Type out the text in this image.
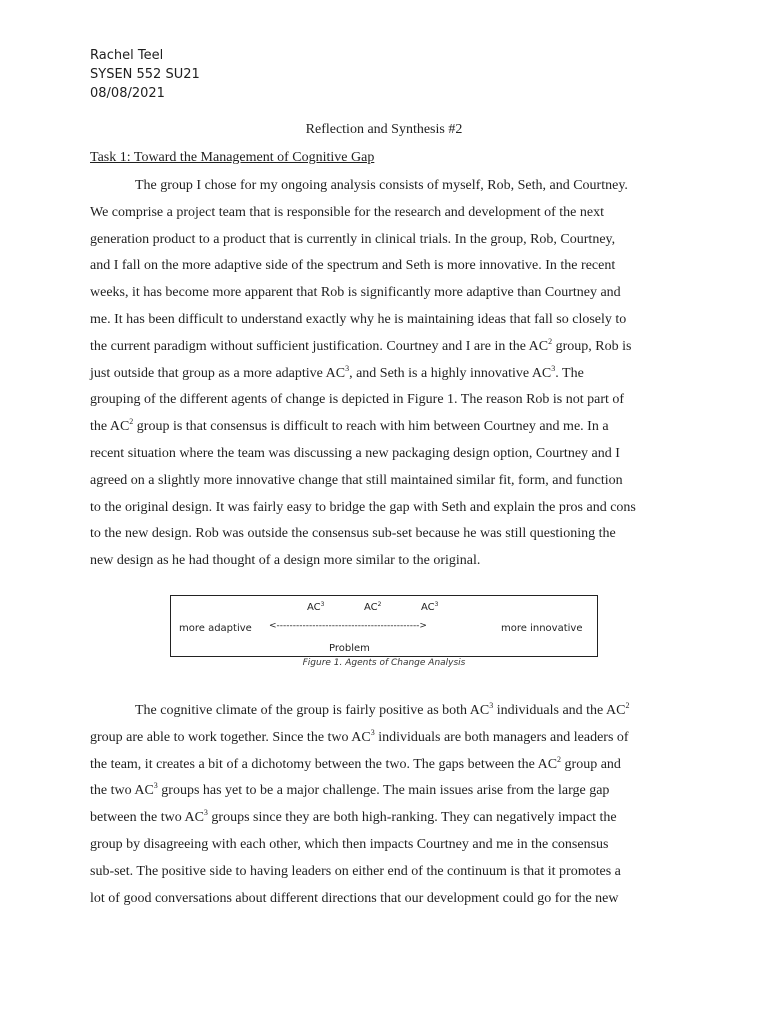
Rachel Teel
SYSEN 552 SU21
08/08/2021
Reflection and Synthesis #2
Task 1: Toward the Management of Cognitive Gap
The group I chose for my ongoing analysis consists of myself, Rob, Seth, and Courtney.
We comprise a project team that is responsible for the research and development of the next
generation product to a product that is currently in clinical trials. In the group, Rob, Courtney,
and I fall on the more adaptive side of the spectrum and Seth is more innovative. In the recent
weeks, it has become more apparent that Rob is significantly more adaptive than Courtney and
me. It has been difficult to understand exactly why he is maintaining ideas that fall so closely to
the current paradigm without sufficient justification. Courtney and I are in the $AC^2$ group, Rob is
just outside that group as a more adaptive $AC^3$, and Seth is a highly innovative $AC^3$. The
grouping of the different agents of change is depicted in Figure 1. The reason Rob is not part of
the $AC^2$ group is that consensus is difficult to reach with him between Courtney and me. In a
recent situation where the team was discussing a new packaging design option, Courtney and I
agreed on a slightly more innovative change that still maintained similar fit, form, and function
to the original design. It was fairly easy to bridge the gap with Seth and explain the pros and cons
to the new design. Rob was outside the consensus sub-set because he was still questioning the
new design as he had thought of a design more similar to the original.
$AC^3$	$AC^2$	$AC^3$
more adaptive <-------------------------------------------->	more innovative
Problem
Figure 1. Agents of Change Analysis
The cognitive climate of the group is fairly positive as both $AC^3$ individuals and the $AC^2$
group are able to work together. Since the two $AC^3$ individuals are both managers and leaders of
the team, it creates a bit of a dichotomy between the two. The gaps between the $AC^2$ group and
the two $AC^3$ groups has yet to be a major challenge. The main issues arise from the large gap
between the two $AC^3$ groups since they are both high-ranking. They can negatively impact the
group by disagreeing with each other, which then impacts Courtney and me in the consensus
sub-set. The positive side to having leaders on either end of the continuum is that it promotes a
lot of good conversations about different directions that our development could go for the new
